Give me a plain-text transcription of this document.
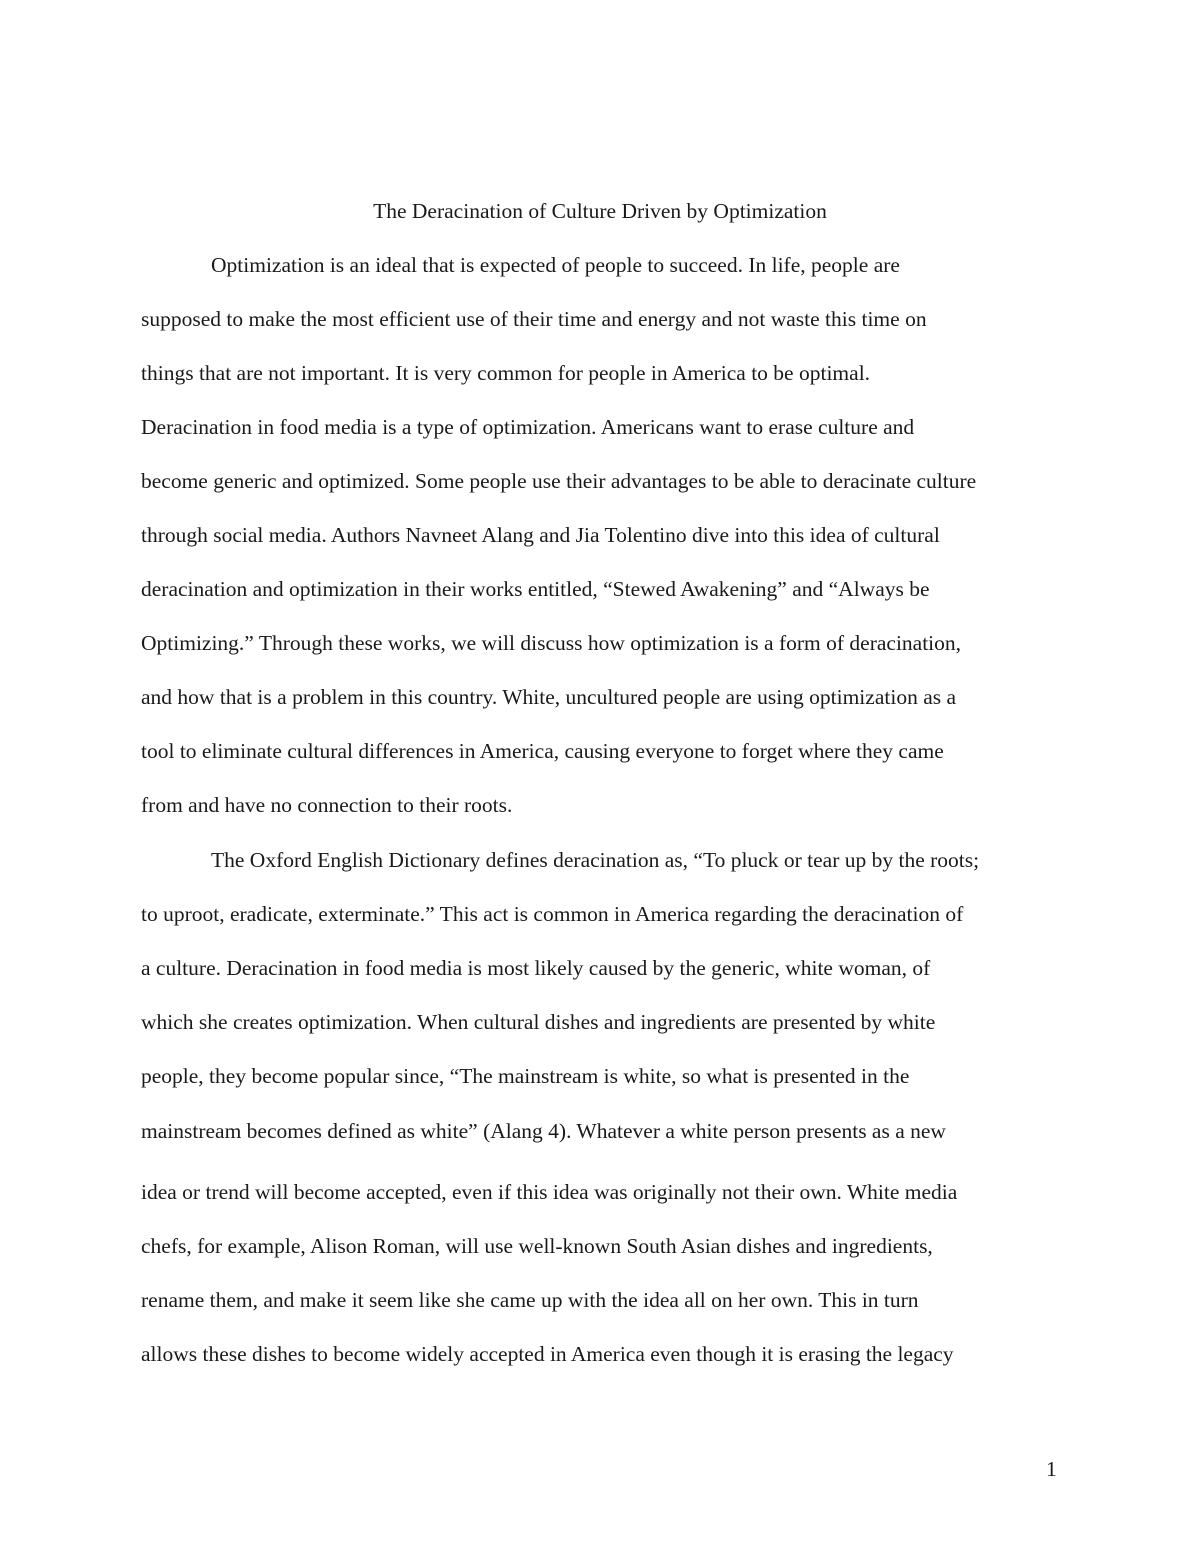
The Deracination of Culture Driven by Optimization
Optimization is an ideal that is expected of people to succeed. In life, people are
supposed to make the most efficient use of their time and energy and not waste this time on
things that are not important. It is very common for people in America to be optimal.
Deracination in food media is a type of optimization. Americans want to erase culture and
become generic and optimized. Some people use their advantages to be able to deracinate culture
through social media. Authors Navneet Alang and Jia Tolentino dive into this idea of cultural
deracination and optimization in their works entitled, “Stewed Awakening” and “Always be
Optimizing.” Through these works, we will discuss how optimization is a form of deracination,
and how that is a problem in this country. White, uncultured people are using optimization as a
tool to eliminate cultural differences in America, causing everyone to forget where they came
from and have no connection to their roots.
The Oxford English Dictionary defines deracination as, “To pluck or tear up by the roots;
to uproot, eradicate, exterminate.” This act is common in America regarding the deracination of
a culture. Deracination in food media is most likely caused by the generic, white woman, of
which she creates optimization. When cultural dishes and ingredients are presented by white
people, they become popular since, “The mainstream is white, so what is presented in the
mainstream becomes defined as white” (Alang 4). Whatever a white person presents as a new
idea or trend will become accepted, even if this idea was originally not their own. White media
chefs, for example, Alison Roman, will use well-known South Asian dishes and ingredients,
rename them, and make it seem like she came up with the idea all on her own. This in turn
allows these dishes to become widely accepted in America even though it is erasing the legacy
1
